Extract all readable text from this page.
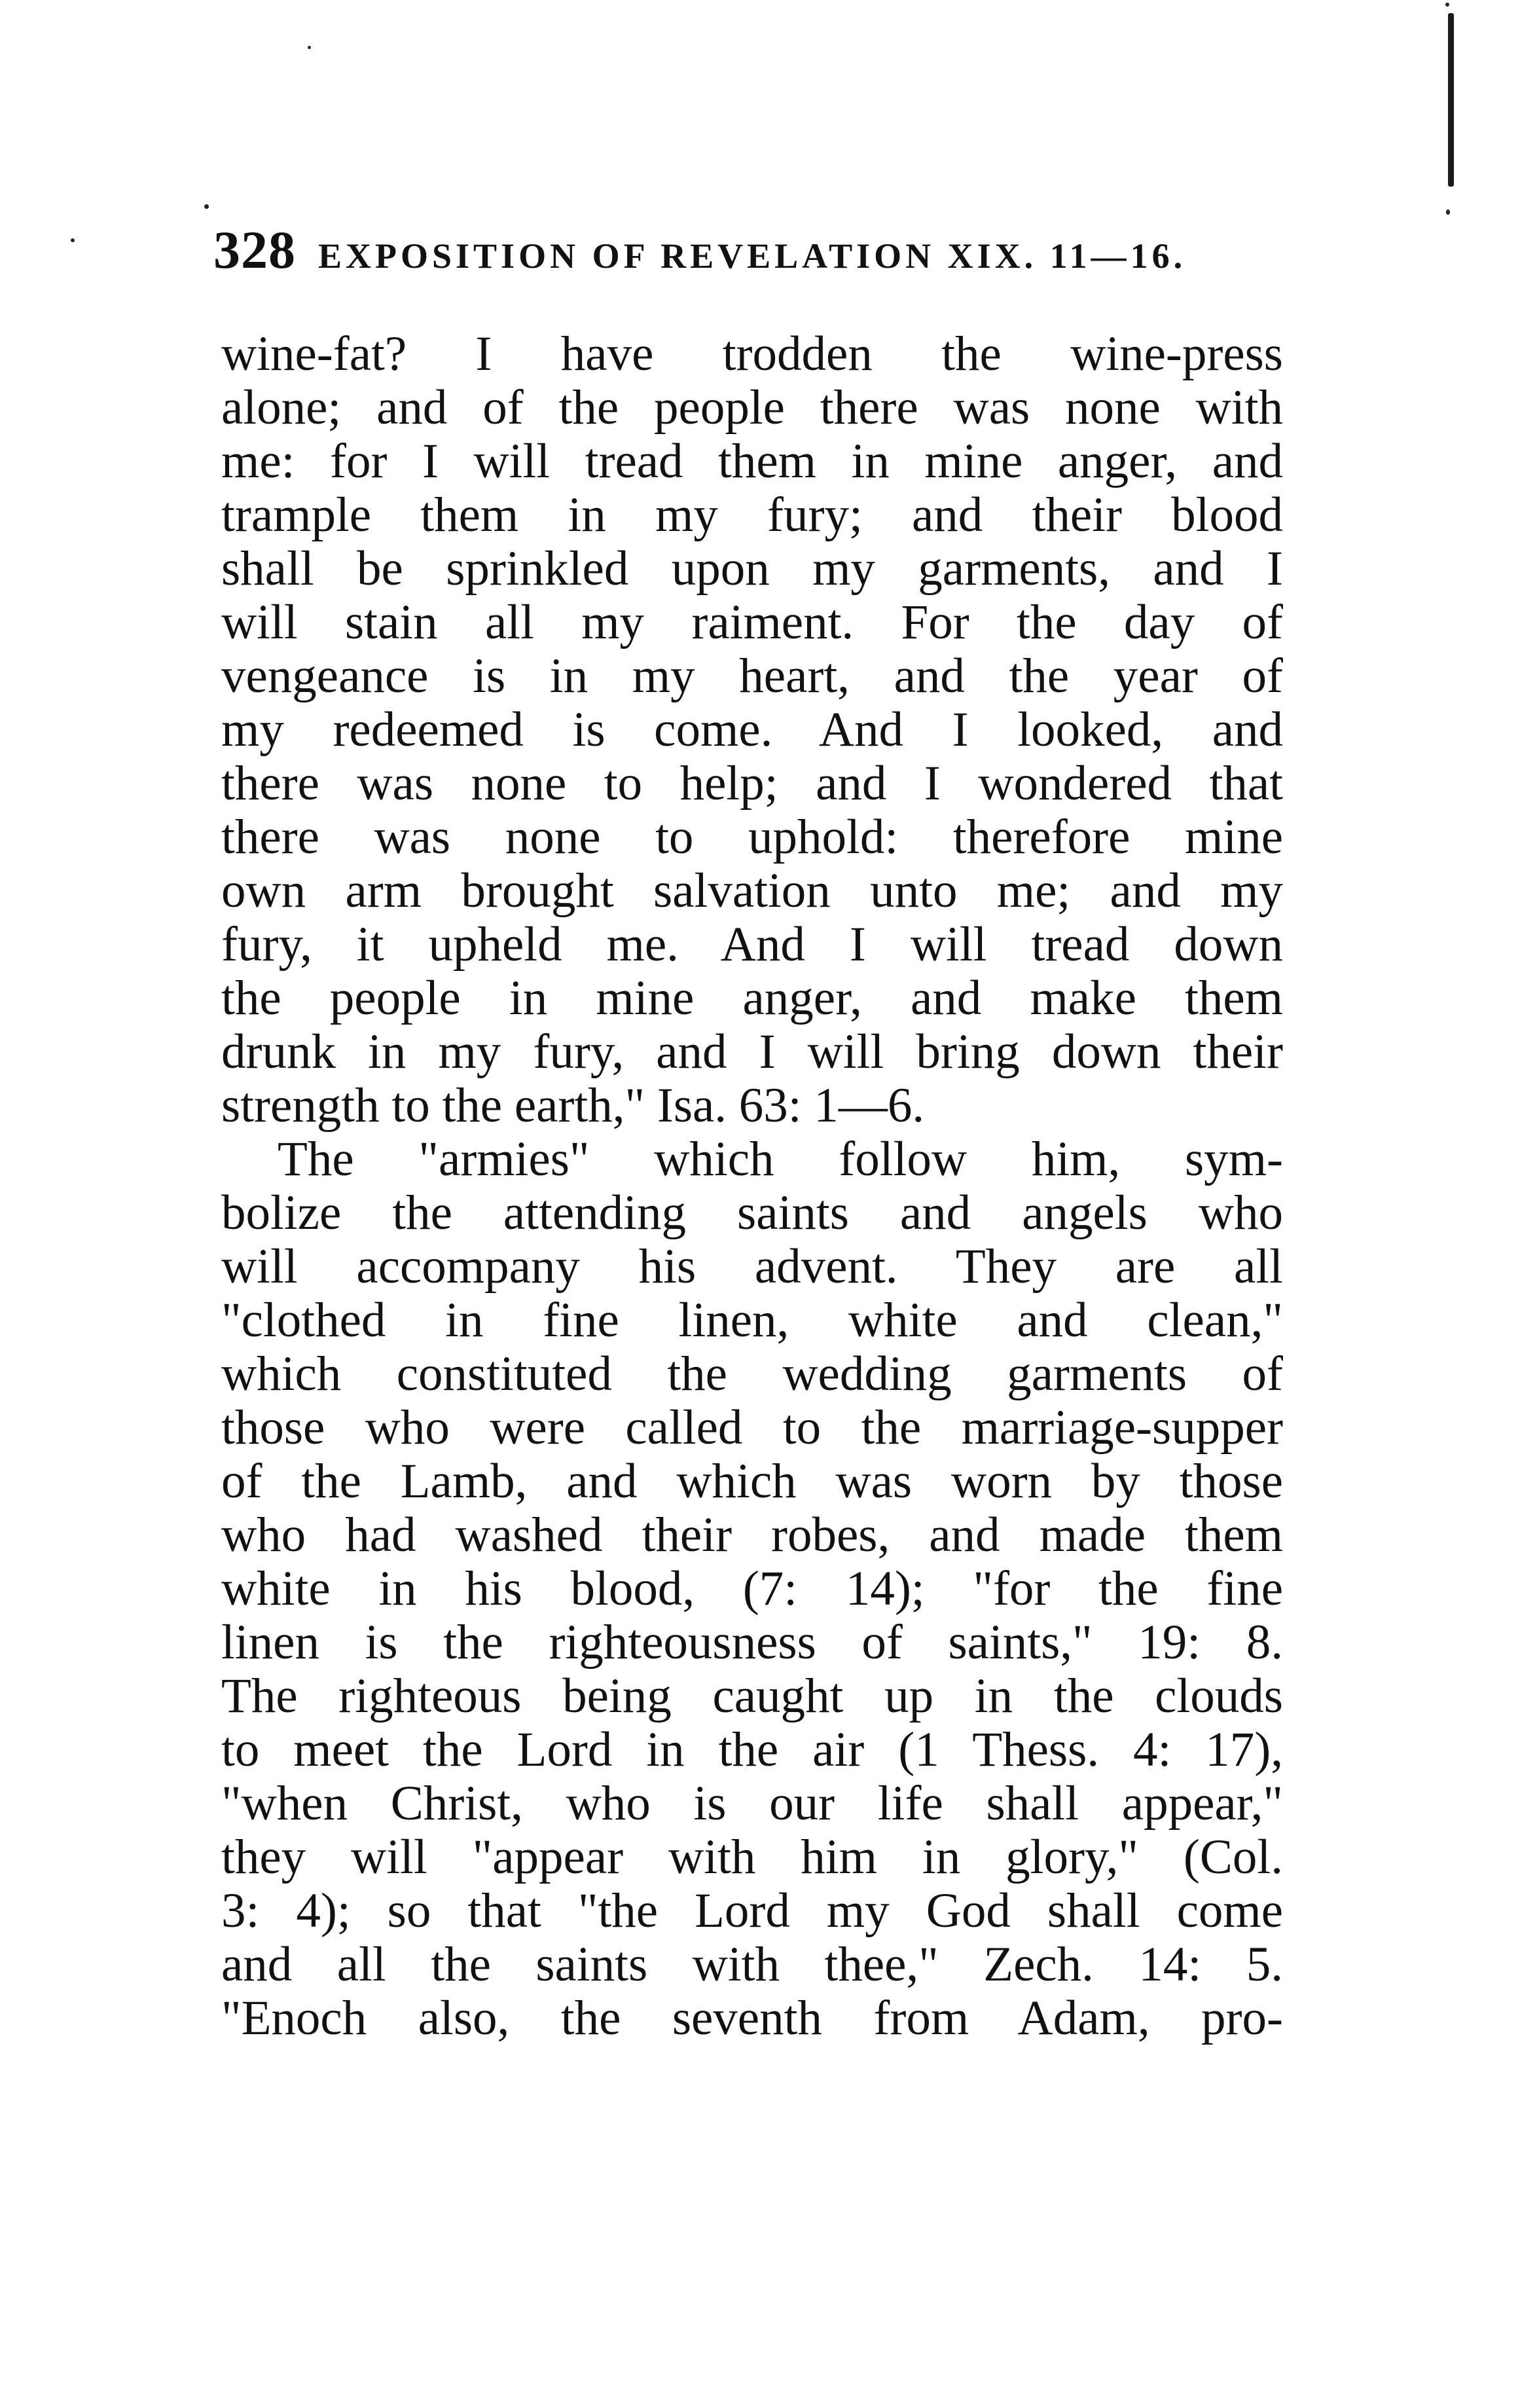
328 EXPOSITION OF REVELATION XIX. 11—16.
wine-fat? I have trodden the wine-press
alone; and of the people there was none with
me: for I will tread them in mine anger, and
trample them in my fury; and their blood
shall be sprinkled upon my garments, and I
will stain all my raiment. For the day of
vengeance is in my heart, and the year of
my redeemed is come. And I looked, and
there was none to help; and I wondered that
there was none to uphold: therefore mine
own arm brought salvation unto me; and my
fury, it upheld me. And I will tread down
the people in mine anger, and make them
drunk in my fury, and I will bring down their
strength to the earth," Isa. 63: 1—6.
The "armies" which follow him, sym-
bolize the attending saints and angels who
will accompany his advent. They are all
"clothed in fine linen, white and clean,"
which constituted the wedding garments of
those who were called to the marriage-supper
of the Lamb, and which was worn by those
who had washed their robes, and made them
white in his blood, (7: 14); "for the fine
linen is the righteousness of saints," 19: 8.
The righteous being caught up in the clouds
to meet the Lord in the air (1 Thess. 4: 17),
"when Christ, who is our life shall appear,"
they will "appear with him in glory," (Col.
3: 4); so that "the Lord my God shall come
and all the saints with thee," Zech. 14: 5.
"Enoch also, the seventh from Adam, pro-
